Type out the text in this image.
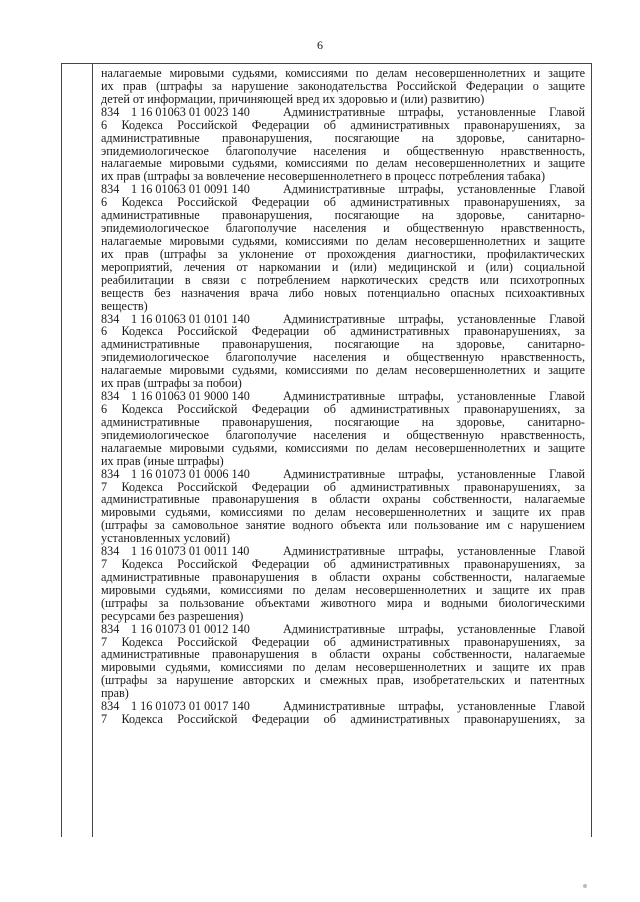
6
налагаемые мировыми судьями, комиссиями по делам несовершеннолетних и защите
их прав (штрафы за нарушение законодательства Российской Федерации о защите
детей от информации, причиняющей вред их здоровью и (или) развитию)
834 1 16 01063 01 0023 140	Административные штрафы, установленные Главой
6 Кодекса Российской Федерации об административных правонарушениях, за
административные правонарушения, посягающие на здоровье, санитарно-
эпидемиологическое благополучие населения и общественную нравственность,
налагаемые мировыми судьями, комиссиями по делам несовершеннолетних и защите
их прав (штрафы за вовлечение несовершеннолетнего в процесс потребления табака)
834 1 16 01063 01 0091 140	Административные штрафы, установленные Главой
6 Кодекса Российской Федерации об административных правонарушениях, за
административные правонарушения, посягающие на здоровье, санитарно-
эпидемиологическое благополучие населения и общественную нравственность,
налагаемые мировыми судьями, комиссиями по делам несовершеннолетних и защите
их прав (штрафы за уклонение от прохождения диагностики, профилактических
мероприятий, лечения от наркомании и (или) медицинской и (или) социальной
реабилитации в связи с потреблением наркотических средств или психотропных
веществ без назначения врача либо новых потенциально опасных психоактивных
веществ)
834 1 16 01063 01 0101 140	Административные штрафы, установленные Главой
6 Кодекса Российской Федерации об административных правонарушениях, за
административные правонарушения, посягающие на здоровье, санитарно-
эпидемиологическое благополучие населения и общественную нравственность,
налагаемые мировыми судьями, комиссиями по делам несовершеннолетних и защите
их прав (штрафы за побои)
834 1 16 01063 01 9000 140	Административные штрафы, установленные Главой
6 Кодекса Российской Федерации об административных правонарушениях, за
административные правонарушения, посягающие на здоровье, санитарно-
эпидемиологическое благополучие населения и общественную нравственность,
налагаемые мировыми судьями, комиссиями по делам несовершеннолетних и защите
их прав (иные штрафы)
834 1 16 01073 01 0006 140	Административные штрафы, установленные Главой
7 Кодекса Российской Федерации об административных правонарушениях, за
административные правонарушения в области охраны собственности, налагаемые
мировыми судьями, комиссиями по делам несовершеннолетних и защите их прав
(штрафы за самовольное занятие водного объекта или пользование им с нарушением
установленных условий)
834 1 16 01073 01 0011 140	Административные штрафы, установленные Главой
7 Кодекса Российской Федерации об административных правонарушениях, за
административные правонарушения в области охраны собственности, налагаемые
мировыми судьями, комиссиями по делам несовершеннолетних и защите их прав
(штрафы за пользование объектами животного мира и водными биологическими
ресурсами без разрешения)
834 1 16 01073 01 0012 140	Административные штрафы, установленные Главой
7 Кодекса Российской Федерации об административных правонарушениях, за
административные правонарушения в области охраны собственности, налагаемые
мировыми судьями, комиссиями по делам несовершеннолетних и защите их прав
(штрафы за нарушение авторских и смежных прав, изобретательских и патентных
прав)
834 1 16 01073 01 0017 140	Административные штрафы, установленные Главой
7 Кодекса Российской Федерации об административных правонарушениях, за
